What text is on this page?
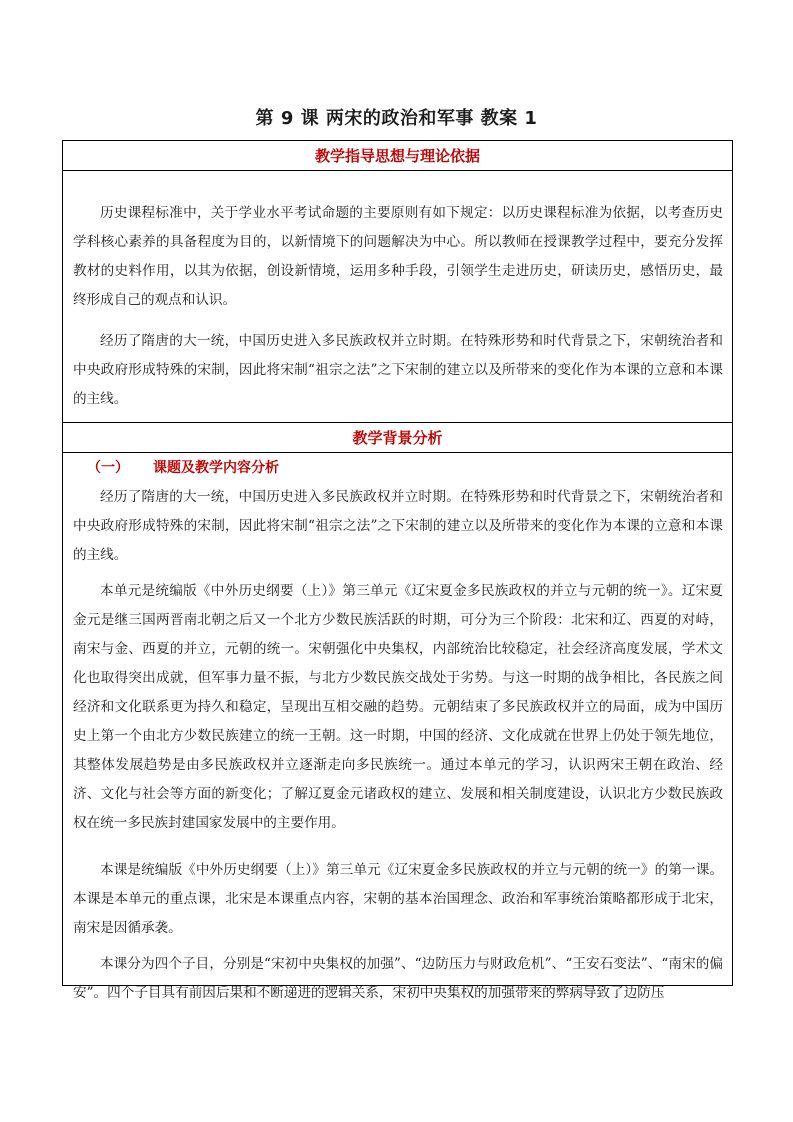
第 9 课 两宋的政治和军事 教案 1
教学指导思想与理论依据

历史课程标准中，关于学业水平考试命题的主要原则有如下规定：以历史课程标准为依据，以考查历史学科核心素养的具备程度为目的，以新情境下的问题解决为中心。所以教师在授课教学过程中，要充分发挥教材的史料作用，以其为依据，创设新情境，运用多种手段，引领学生走进历史，研读历史，感悟历史，最终形成自己的观点和认识。

经历了隋唐的大一统，中国历史进入多民族政权并立时期。在特殊形势和时代背景之下，宋朝统治者和中央政府形成特殊的宋制，因此将宋制“祖宗之法”之下宋制的建立以及所带来的变化作为本课的立意和本课的主线。

教学背景分析
（一） 课题及教学内容分析

经历了隋唐的大一统，中国历史进入多民族政权并立时期。在特殊形势和时代背景之下，宋朝统治者和中央政府形成特殊的宋制，因此将宋制“祖宗之法”之下宋制的建立以及所带来的变化作为本课的立意和本课的主线。

本单元是统编版《中外历史纲要（上）》第三单元《辽宋夏金多民族政权的并立与元朝的统一》。辽宋夏金元是继三国两晋南北朝之后又一个北方少数民族活跃的时期，可分为三个阶段：北宋和辽、西夏的对峙，南宋与金、西夏的并立，元朝的统一。宋朝强化中央集权，内部统治比较稳定，社会经济高度发展，学术文化也取得突出成就，但军事力量不振，与北方少数民族交战处于劣势。与这一时期的战争相比，各民族之间经济和文化联系更为持久和稳定，呈现出互相交融的趋势。元朝结束了多民族政权并立的局面，成为中国历史上第一个由北方少数民族建立的统一王朝。这一时期，中国的经济、文化成就在世界上仍处于领先地位，其整体发展趋势是由多民族政权并立逐渐走向多民族统一。通过本单元的学习，认识两宋王朝在政治、经济、文化与社会等方面的新变化；了解辽夏金元诸政权的建立、发展和相关制度建设，认识北方少数民族政权在统一多民族封建国家发展中的主要作用。

本课是统编版《中外历史纲要（上）》第三单元《辽宋夏金多民族政权的并立与元朝的统一》的第一课。本课是本单元的重点课，北宋是本课重点内容，宋朝的基本治国理念、政治和军事统治策略都形成于北宋，南宋是因循承袭。

本课分为四个子目，分别是“宋初中央集权的加强”、“边防压力与财政危机”、“王安石变法”、“南宋的偏安”。四个子目具有前因后果和不断递进的逻辑关系，宋初中央集权的加强带来的弊病导致了边防压
